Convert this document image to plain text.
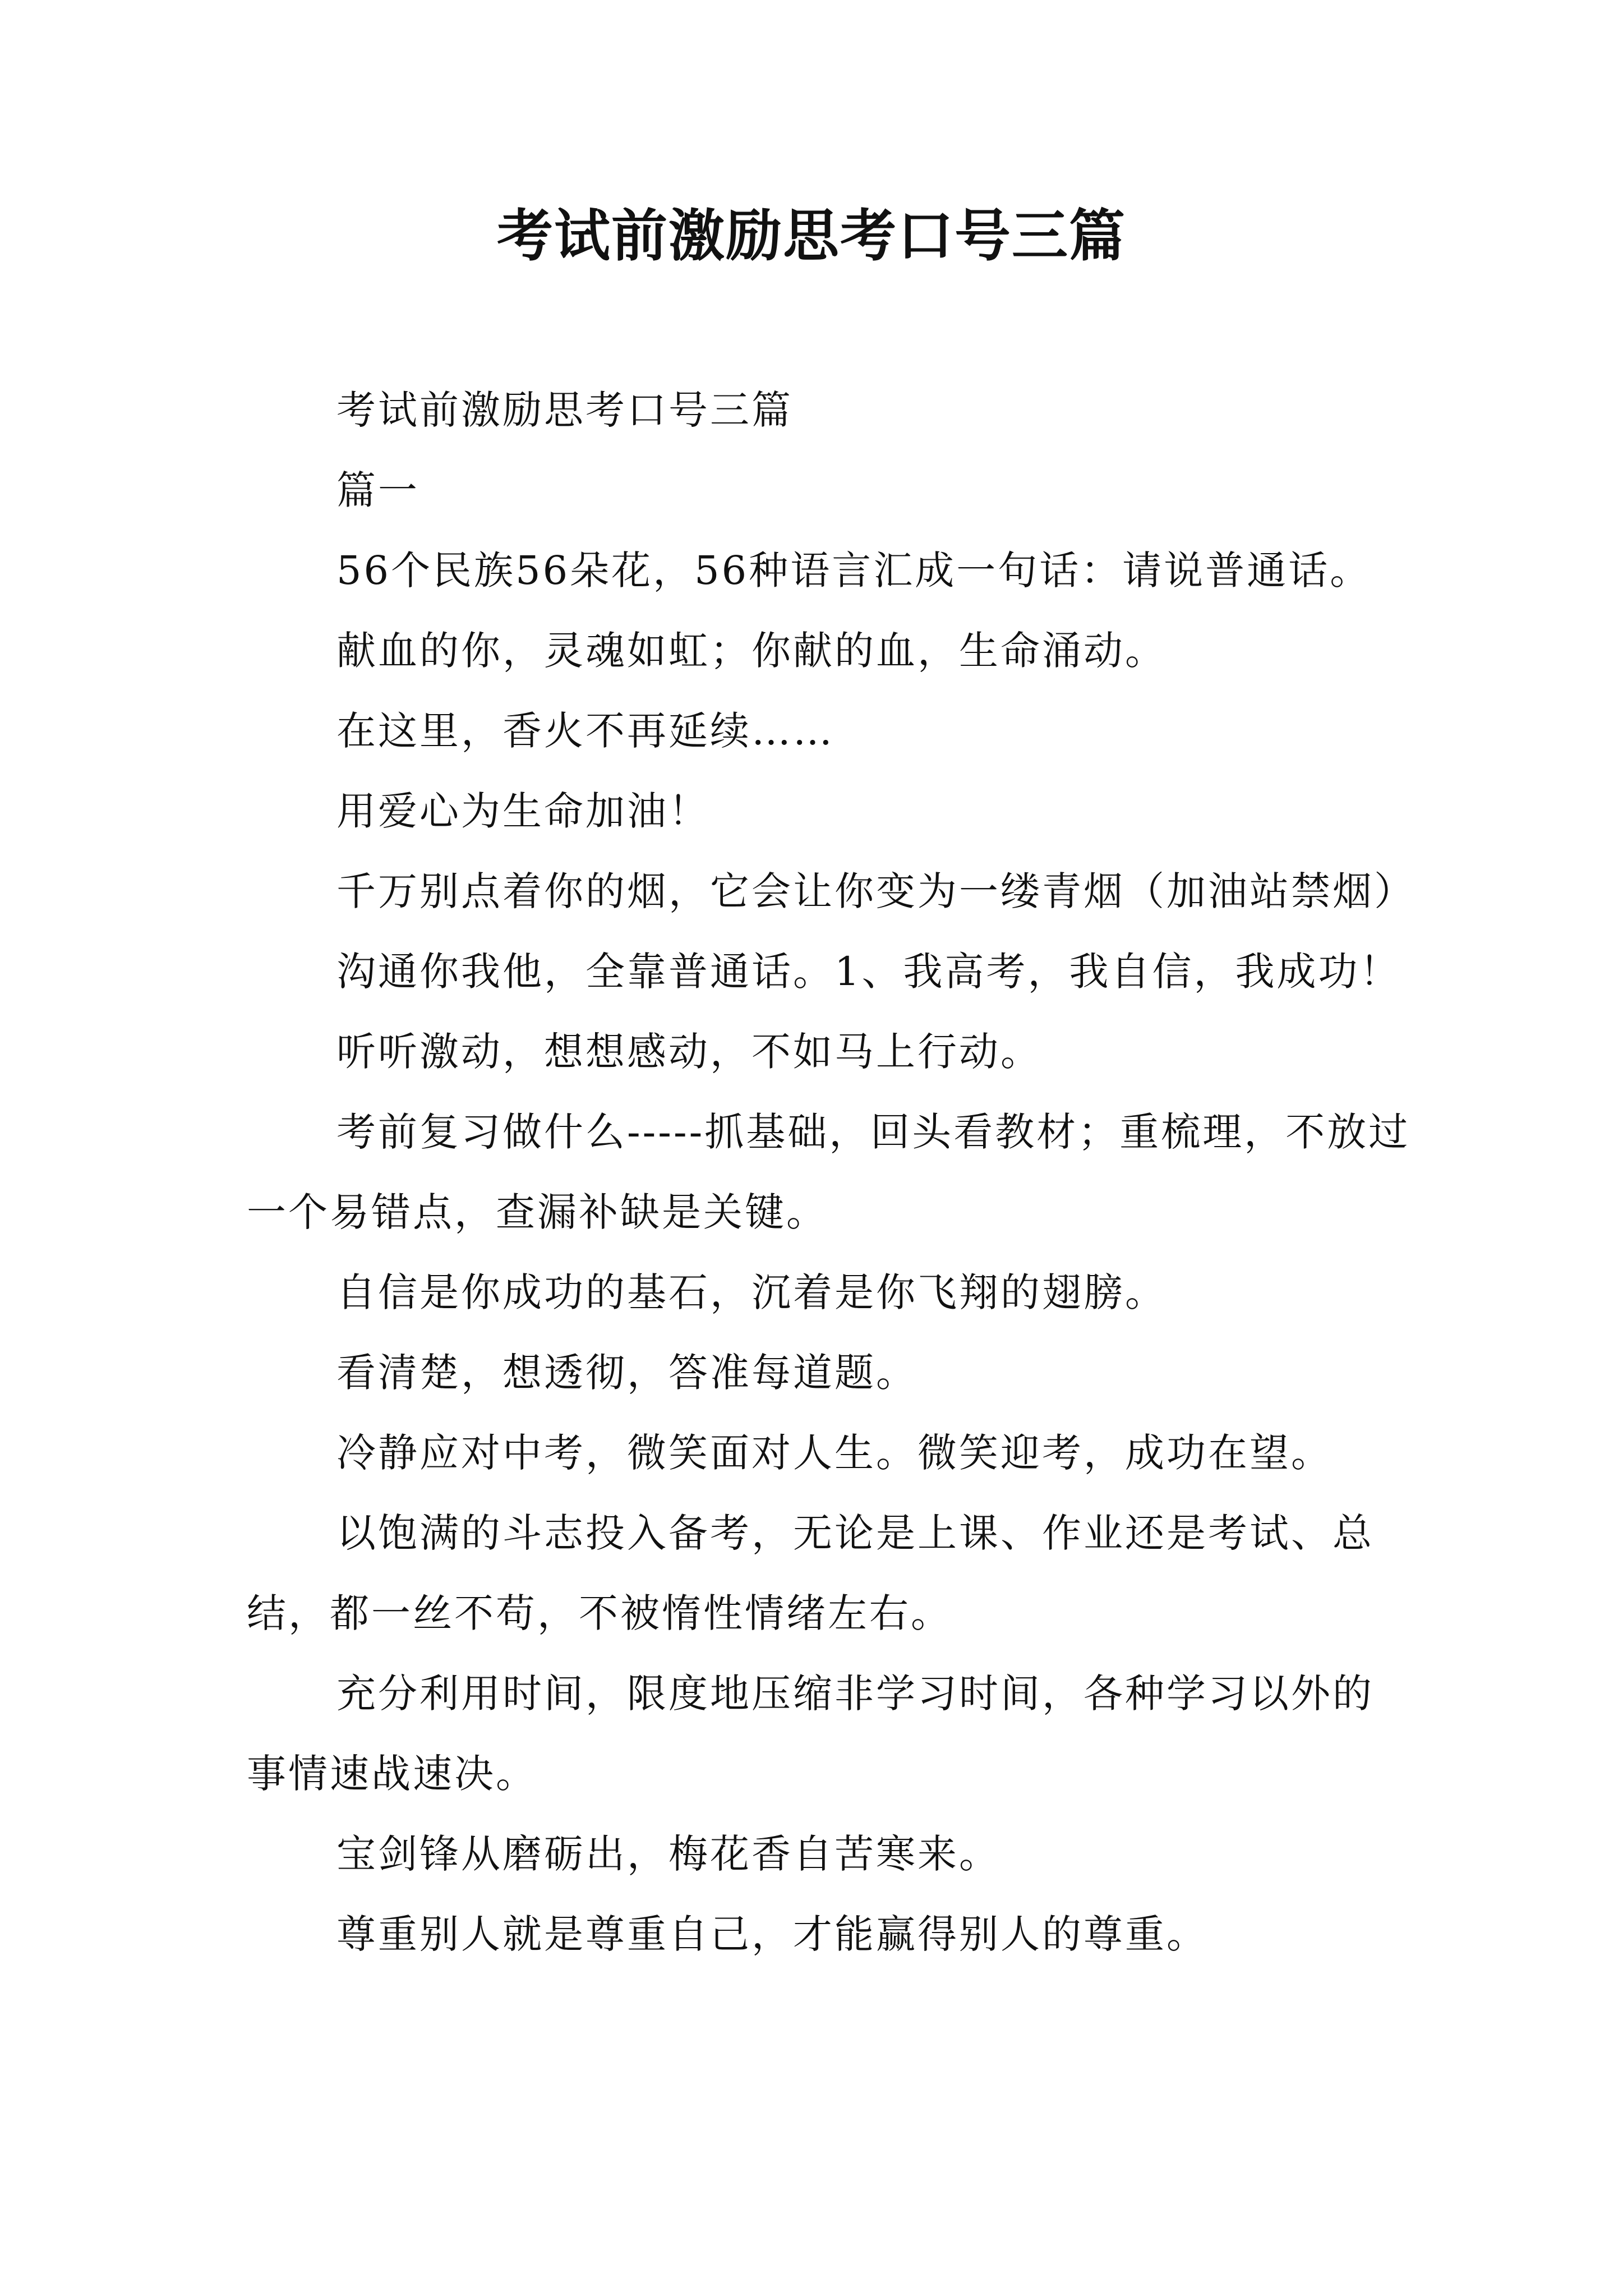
考试前激励思考口号三篇

考试前激励思考口号三篇

篇一

56个民族56朵花，56种语言汇成一句话：请说普通话。

献血的你，灵魂如虹；你献的血，生命涌动。

在这里，香火不再延续……

用爱心为生命加油！

千万别点着你的烟，它会让你变为一缕青烟（加油站禁烟）

沟通你我他，全靠普通话。1、我高考，我自信，我成功！

听听激动，想想感动，不如马上行动。

考前复习做什么-----抓基础，回头看教材；重梳理，不放过一个易错点，查漏补缺是关键。

自信是你成功的基石，沉着是你飞翔的翅膀。

看清楚，想透彻，答准每道题。

冷静应对中考，微笑面对人生。微笑迎考，成功在望。

以饱满的斗志投入备考，无论是上课、作业还是考试、总结，都一丝不苟，不被惰性情绪左右。

充分利用时间，限度地压缩非学习时间，各种学习以外的事情速战速决。

宝剑锋从磨砺出，梅花香自苦寒来。

尊重别人就是尊重自己，才能赢得别人的尊重。
